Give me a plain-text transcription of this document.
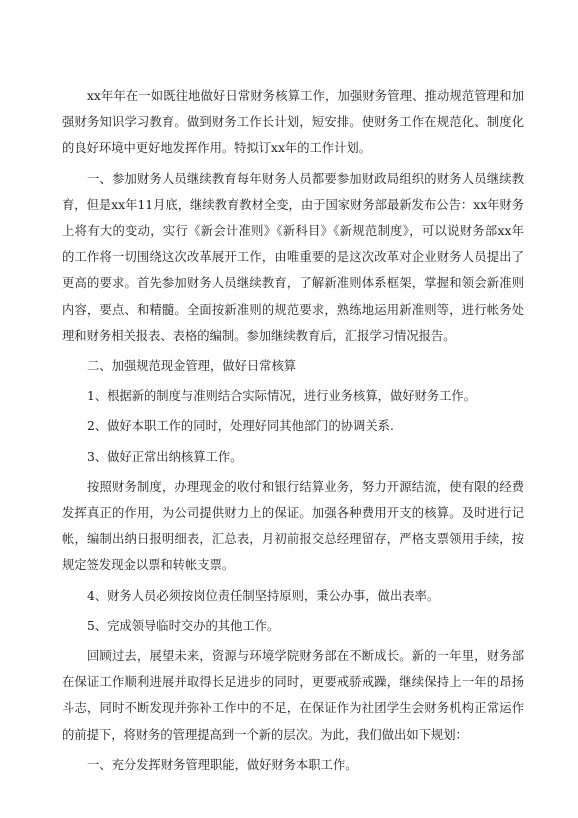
xx年年在一如既往地做好日常财务核算工作，加强财务管理、推动规范管理和加强财务知识学习教育。做到财务工作长计划，短安排。使财务工作在规范化、制度化的良好环境中更好地发挥作用。特拟订xx年的工作计划。

一、参加财务人员继续教育每年财务人员都要参加财政局组织的财务人员继续教育，但是xx年11月底，继续教育教材全变，由于国家财务部最新发布公告：xx年财务上将有大的变动，实行《新会计准则》《新科目》《新规范制度》，可以说财务部xx年的工作将一切围绕这次改革展开工作，由唯重要的是这次改革对企业财务人员提出了更高的要求。首先参加财务人员继续教育，了解新准则体系框架，掌握和领会新准则内容，要点、和精髓。全面按新准则的规范要求，熟练地运用新准则等，进行帐务处理和财务相关报表、表格的编制。参加继续教育后，汇报学习情况报告。

二、加强规范现金管理，做好日常核算

1、根据新的制度与准则结合实际情况，进行业务核算，做好财务工作。

2、做好本职工作的同时，处理好同其他部门的协调关系.

3、做好正常出纳核算工作。

按照财务制度，办理现金的收付和银行结算业务，努力开源结流，使有限的经费发挥真正的作用，为公司提供财力上的保证。加强各种费用开支的核算。及时进行记帐，编制出纳日报明细表，汇总表，月初前报交总经理留存，严格支票领用手续，按规定签发现金以票和转帐支票。

4、财务人员必须按岗位责任制坚持原则，秉公办事，做出表率。

5、完成领导临时交办的其他工作。

回顾过去，展望未来，资源与环境学院财务部在不断成长。新的一年里，财务部在保证工作顺利进展并取得长足进步的同时，更要戒骄戒躁，继续保持上一年的昂扬斗志，同时不断发现并弥补工作中的不足，在保证作为社团学生会财务机构正常运作的前提下，将财务的管理提高到一个新的层次。为此，我们做出如下规划：

一、充分发挥财务管理职能，做好财务本职工作。
